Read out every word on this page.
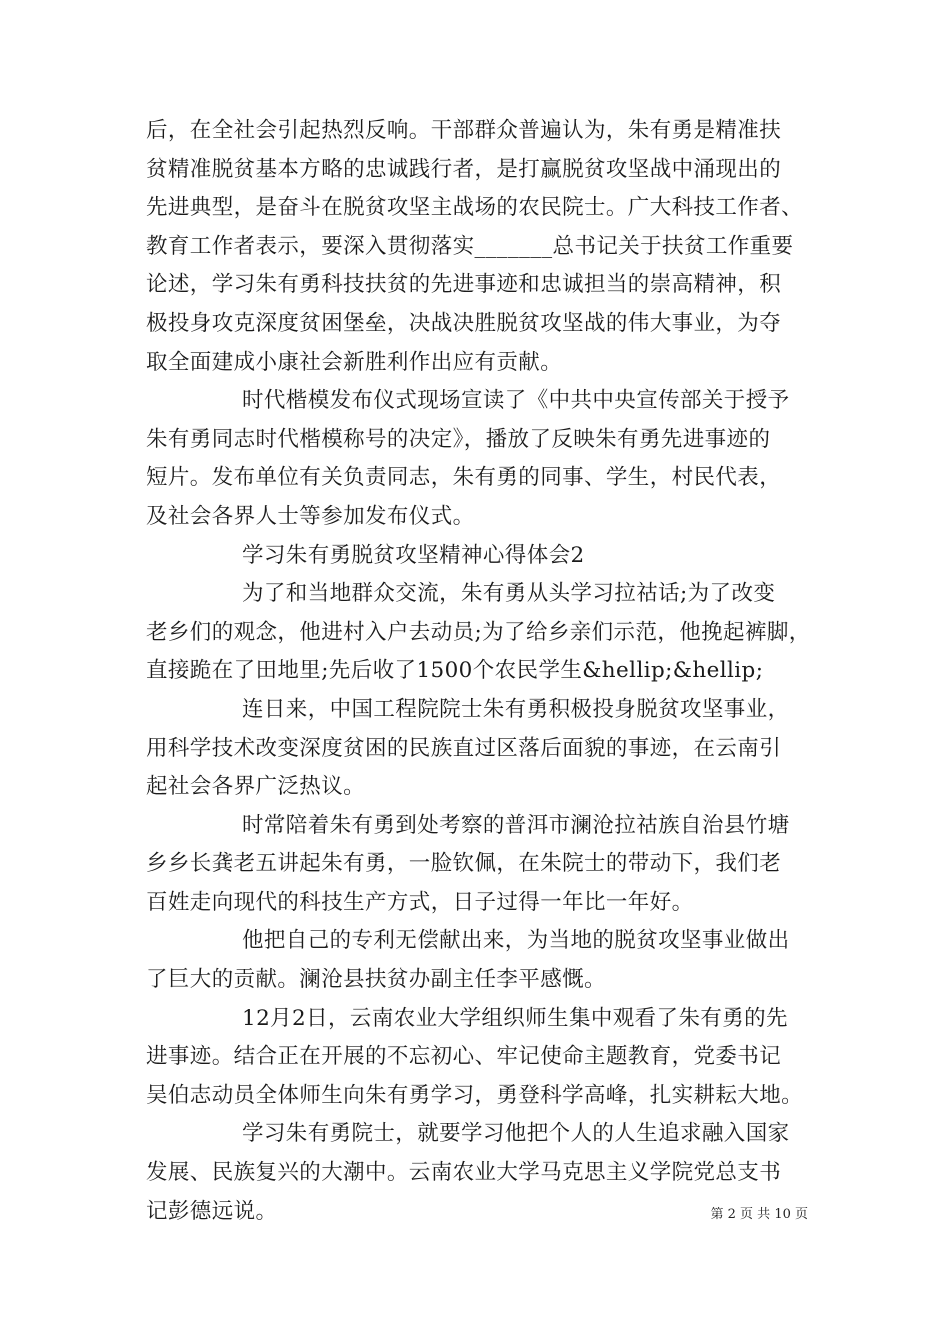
后，在全社会引起热烈反响。干部群众普遍认为，朱有勇是精准扶
贫精准脱贫基本方略的忠诚践行者，是打赢脱贫攻坚战中涌现出的
先进典型，是奋斗在脱贫攻坚主战场的农民院士。广大科技工作者、
教育工作者表示，要深入贯彻落实_______总书记关于扶贫工作重要
论述，学习朱有勇科技扶贫的先进事迹和忠诚担当的崇高精神，积
极投身攻克深度贫困堡垒，决战决胜脱贫攻坚战的伟大事业，为夺
取全面建成小康社会新胜利作出应有贡献。
时代楷模发布仪式现场宣读了《中共中央宣传部关于授予
朱有勇同志时代楷模称号的决定》，播放了反映朱有勇先进事迹的
短片。发布单位有关负责同志，朱有勇的同事、学生，村民代表，
及社会各界人士等参加发布仪式。
学习朱有勇脱贫攻坚精神心得体会2
为了和当地群众交流，朱有勇从头学习拉祜话;为了改变
老乡们的观念，他进村入户去动员;为了给乡亲们示范，他挽起裤脚，
直接跪在了田地里;先后收了1500个农民学生&hellip;&hellip;
连日来，中国工程院院士朱有勇积极投身脱贫攻坚事业，
用科学技术改变深度贫困的民族直过区落后面貌的事迹，在云南引
起社会各界广泛热议。
时常陪着朱有勇到处考察的普洱市澜沧拉祜族自治县竹塘
乡乡长龚老五讲起朱有勇，一脸钦佩，在朱院士的带动下，我们老
百姓走向现代的科技生产方式，日子过得一年比一年好。
他把自己的专利无偿献出来，为当地的脱贫攻坚事业做出
了巨大的贡献。澜沧县扶贫办副主任李平感慨。
12月2日，云南农业大学组织师生集中观看了朱有勇的先
进事迹。结合正在开展的不忘初心、牢记使命主题教育，党委书记
吴伯志动员全体师生向朱有勇学习，勇登科学高峰，扎实耕耘大地。
学习朱有勇院士，就要学习他把个人的人生追求融入国家
发展、民族复兴的大潮中。云南农业大学马克思主义学院党总支书
记彭德远说。	第 2 页 共 10 页
